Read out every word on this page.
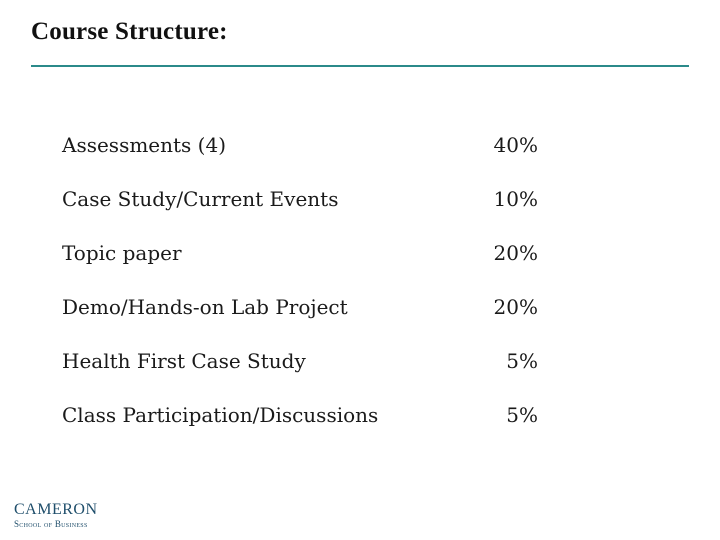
Course Structure:
Assessments (4)	40%
Case Study/Current Events	10%
Topic paper	20%
Demo/Hands-on Lab Project	20%
Health First Case Study	5%
Class Participation/Discussions	5%
CAMERON
School of Business
